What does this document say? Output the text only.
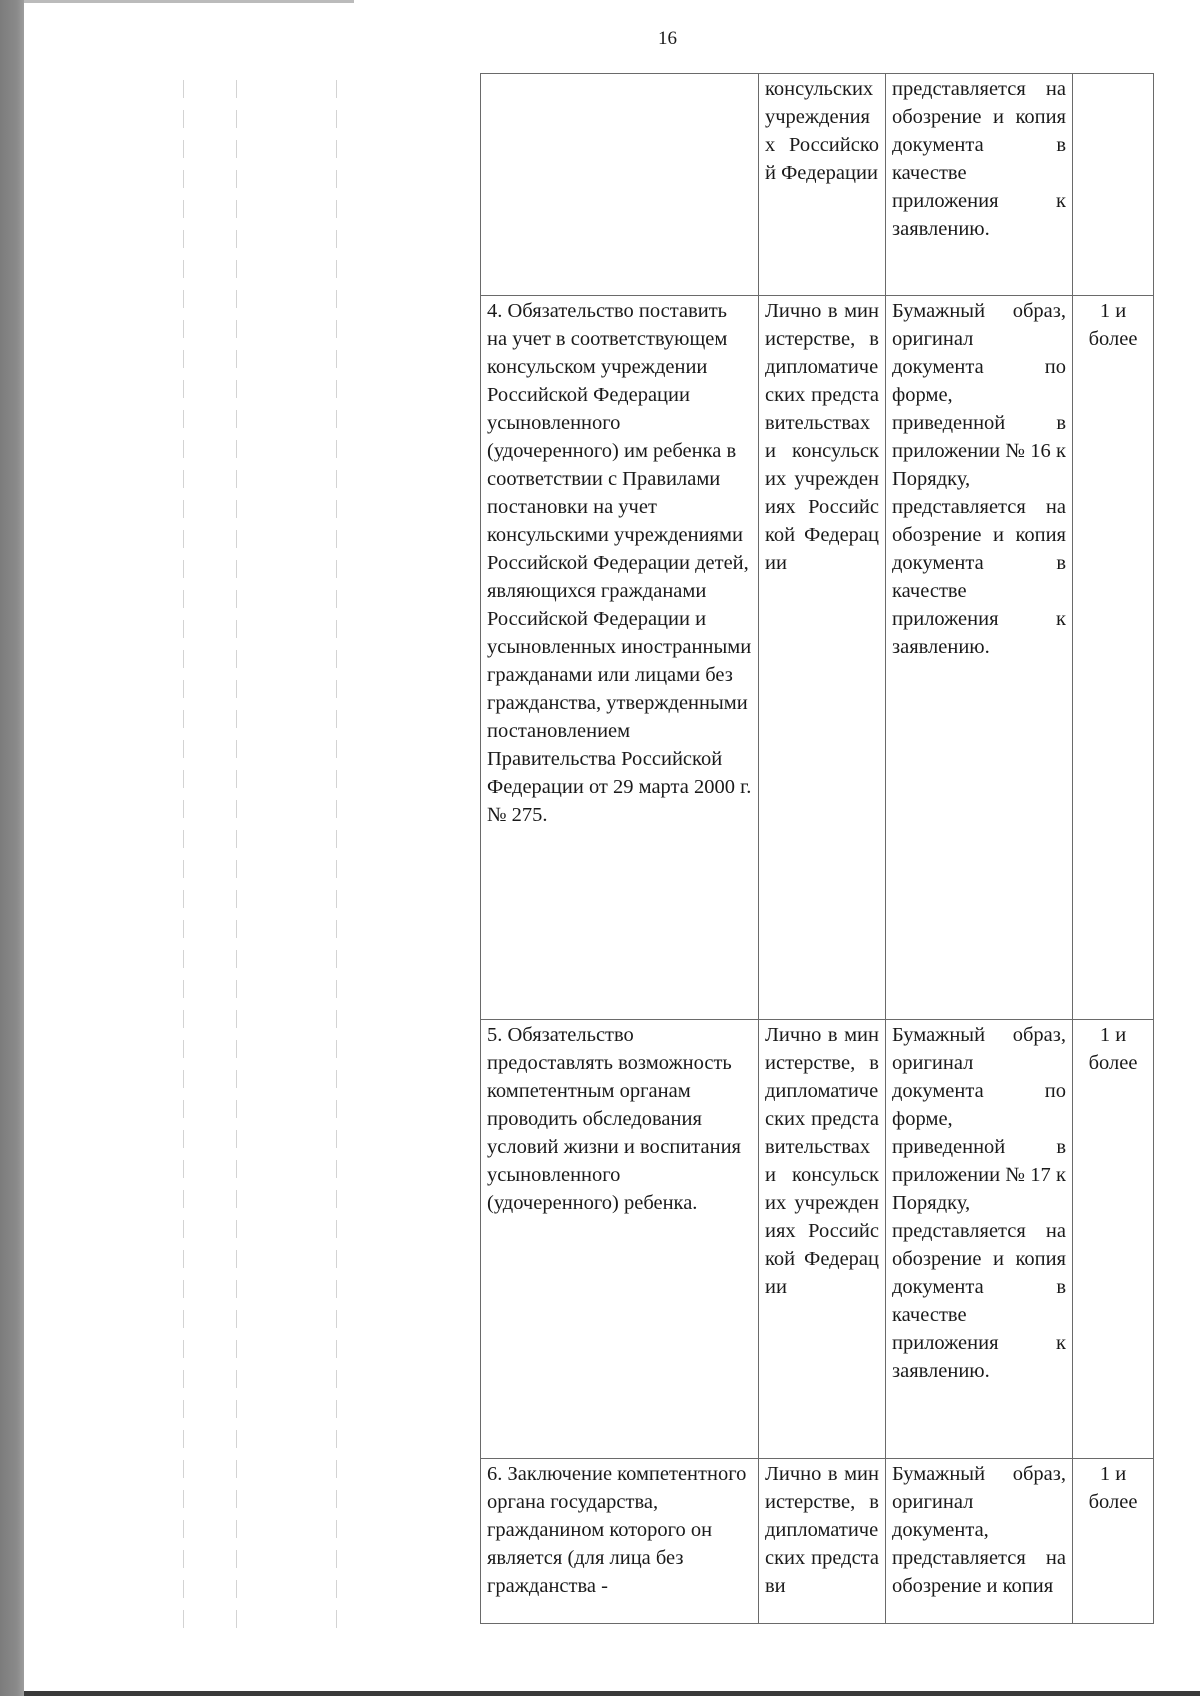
16
	консульских учреждениях Российской Федерации	представляется на обозрение и копия документа в качестве приложения к заявлению.	
4. Обязательство поставить на учет в соответствующем консульском учреждении Российской Федерации усыновленного (удочеренного) им ребенка в соответствии с Правилами постановки на учет консульскими учреждениями Российской Федерации детей, являющихся гражданами Российской Федерации и усыновленных иностранными гражданами или лицами без гражданства, утвержденными постановлением Правительства Российской Федерации от 29 марта 2000 г. № 275.	Лично в министерстве, в дипломатических представительствах и консульских учреждениях Российской Федерации	Бумажный образ, оригинал документа по форме, приведенной в приложении № 16 к Порядку, представляется на обозрение и копия документа в качестве приложения к заявлению.	1 и более
5. Обязательство предоставлять возможность компетентным органам проводить обследования условий жизни и воспитания усыновленного (удочеренного) ребенка.	Лично в министерстве, в дипломатических представительствах и консульских учреждениях Российской Федерации	Бумажный образ, оригинал документа по форме, приведенной в приложении № 17 к Порядку, представляется на обозрение и копия документа в качестве приложения к заявлению.	1 и более
6. Заключение компетентного органа государства, гражданином которого он является (для лица без гражданства -	Лично в министерстве, в дипломатических представи	Бумажный образ, оригинал документа, представляется на обозрение и копия	1 и более
